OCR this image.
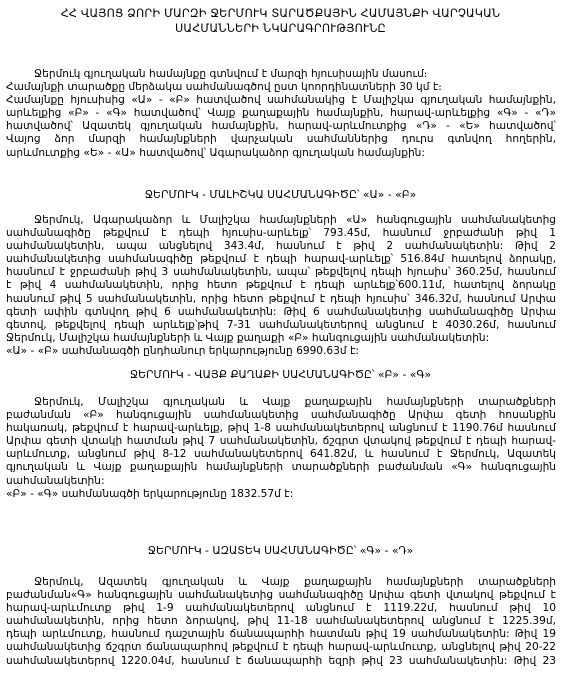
ՀՀ ՎԱՅՈՑ ՁՈՐԻ ՄԱՐԶԻ ՋԵՐՄՈՒԿ ՏԱՐԱԾՔԱՅԻՆ ՀԱՄԱՅՆՔԻ ՎԱՐՉԱԿԱՆ

ՍԱՀՄԱՆՆԵՐԻ ՆԿԱՐԱԳՐՈՒԹՅՈՒՆԸ

Ջերմուկ գյուղական համայնքը գտնվում է մարզի հյուսիսային մասում։
Համայնքի տարածքը մերձակա սահմանագծով ըստ կոորդինատների 30 կմ է։
Համայնքը հյուսիսից «Ա» - «Բ» հատվածով սահմանակից է Մալիշկա գյուղական համայնքին,
արևելքից «Բ» - «Գ» հատվածով՝ Վայք քաղաքային համայնքին, հարավ-արևելքից «Գ» - «Դ»
հատվածով՝ Ազատեկ գյուղական համայնքին, հարավ-արևմուտքից «Դ» - «Ե» հատվածով՝
Վայոց ձոր մարզի համայնքների վարչական սահմաններից դուրս գտնվող հողերին,
արևմուտքից «Ե» - «Ա» հատվածով՝ Ագարակաձոր գյուղական համայնքին:

ՋԵՐՄՈՒԿ - ՄԱԼԻՇԿԱ ՍԱՀՄԱՆԱԳԻԾԸ՝ «Ա» - «Բ»

Ջերմուկ, Ագարակաձոր և Մալիշկա համայնքների «Ա» հանգուցային սահմանակետից
սահմանագիծը թեքվում է դեպի հյուսիս-արևելք՝ 793.45մ, հասնում ջրբաժանի թիվ 1
սահմանակետին, ապա անցնելով 343.4մ, հասնում է թիվ 2 սահմանակետին: Թիվ 2
սահմանակետից սահմանագիծը թեքվում է դեպի հարավ-արևելք՝ 516.84մ հատելով ձորակը,
հասնում է ջրբաժանի թիվ 3 սահմանակետին, ապա՝ թեքվելով դեպի հյուսիս՝ 360.25մ, հասնում
է թիվ 4 սահմանակետին, որից հետո թեքվում է դեպի արևելք՝600.11մ, հատելով ձորակը
հասնում թիվ 5 սահմանակետին, որից հետո թեքվում է դեպի հյուսիս՝ 346.32մ, հասնում Արփա
գետի ափին գտնվող թիվ 6 սահմանակետին: Թիվ 6 սահմանակետից սահմանագիծը Արփա
գետով, թեքվելով դեպի արևելք՝թիվ 7-31 սահմանակետերով անցնում է 4030.26մ, հասնում
Ջերմուկ, Մալիշկա համայնքների և Վայք քաղաքի «Բ» հանգուցային սահմանակետին:
«Ա» - «Բ» սահմանագծի ընդհանուր երկարությունը 6990.63մ է:

ՋԵՐՄՈՒԿ - ՎԱՅՔ ՔԱՂԱՔԻ ՍԱՀՄԱՆԱԳԻԾԸ՝ «Բ» - «Գ»

Ջերմուկ, Մալիշկա գյուղական և Վայք քաղաքային համայնքների տարածքների
բաժանման «Բ» հանգուցային սահմանակետից սահմանագիծը Արփա գետի հոսանքին
հակառակ, թեքվում է հարավ-արևելք, թիվ 1-8 սահմանակետերով անցնում է 1190.76մ հասնում
Արփա գետի վտակի հատման թիվ 7 սահմանակետին, ճշգրտ վտակով թեքվում է դեպի հարավ-
արևմուտք, անցնում թիվ 8-12 սահմանակետերով 641.82մ, և հասնում է Ջերմուկ, Ազատեկ
գյուղական և Վայք քաղաքային համայնքների տարածքների բաժանման «Գ» հանգուցային
սահմանակետին:
«Բ» - «Գ» սահմանագծի երկարությունը 1832.57մ է:

ՋԵՐՄՈՒԿ - ԱԶԱՏԵԿ ՍԱՀՄԱՆԱԳԻԾԸ՝ «Գ» - «Դ»

Ջերմուկ, Ազատեկ գյուղական և Վայք քաղաքային համայնքների տարածքների
բաժանման«Գ» հանգուցային սահմանակետից սահմանագիծը Արփա գետի վտակով թեքվում է
հարավ-արևմուտք թիվ 1-9 սահմանակետերով անցնում է 1119.22մ, հասնում թիվ 10
սահմանակետին, որից հետո ձորակով, թիվ 11-18 սահմանակետերով անցնում է 1225.39մ,
դեպի արևմուտք, հասնում դաշտային ճանապարհի հատման թիվ 19 սահմանակետին: Թիվ 19
սահմանակետից ճշգրտ ճանապարհով թեքվում է դեպի հարավ-արևմուտք, անցնելով թիվ 20-22
սահմանակետերով 1220.04մ, հասնում է ճանապարհի եզրի թիվ 23 սահմանակետին: Թիվ 23
